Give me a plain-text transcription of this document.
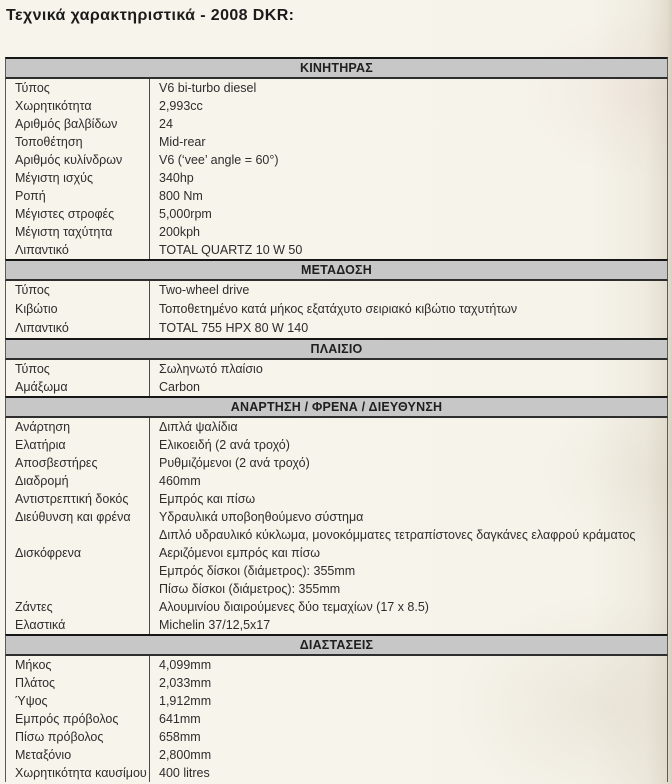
Τεχνικά χαρακτηριστικά - 2008 DKR:
ΚΙΝΗΤΗΡΑΣ
Τύπος	V6 bi-turbo diesel
Χωρητικότητα	2,993cc
Αριθμός βαλβίδων	24
Τοποθέτηση	Mid-rear
Αριθμός κυλίνδρων	V6 (‘vee’ angle = 60°)
Μέγιστη ισχύς	340hp
Ροπή	800 Nm
Μέγιστες στροφές	5,000rpm
Μέγιστη ταχύτητα	200kph
Λιπαντικό	TOTAL QUARTZ 10 W 50
ΜΕΤΑΔΟΣΗ
Τύπος	Two-wheel drive
Κιβώτιο	Τοποθετημένο κατά μήκος εξατάχυτο σειριακό κιβώτιο ταχυτήτων
Λιπαντικό	TOTAL 755 HPX 80 W 140
ΠΛΑΙΣΙΟ
Τύπος	Σωληνωτό πλαίσιο
Αμάξωμα	Carbon
ΑΝΑΡΤΗΣΗ / ΦΡΕΝΑ / ΔΙΕΥΘΥΝΣΗ
Ανάρτηση	Διπλά ψαλίδια
Ελατήρια	Ελικοειδή (2 ανά τροχό)
Αποσβεστήρες	Ρυθμιζόμενοι (2 ανά τροχό)
Διαδρομή	460mm
Αντιστρεπτική δοκός	Εμπρός και πίσω
Διεύθυνση και φρένα	Υδραυλικά υποβοηθούμενο σύστημα
Διπλό υδραυλικό κύκλωμα, μονοκόμματες τετραπίστονες δαγκάνες ελαφρού κράματος
Δισκόφρενα	Αεριζόμενοι εμπρός και πίσω
Εμπρός δίσκοι (διάμετρος): 355mm
Πίσω δίσκοι (διάμετρος): 355mm
Ζάντες	Αλουμινίου διαιρούμενες δύο τεμαχίων (17 x 8.5)
Ελαστικά	Michelin 37/12,5x17
ΔΙΑΣΤΑΣΕΙΣ
Μήκος	4,099mm
Πλάτος	2,033mm
Ύψος	1,912mm
Εμπρός πρόβολος	641mm
Πίσω πρόβολος	658mm
Μεταξόνιο	2,800mm
Χωρητικότητα καυσίμου 400 litres
